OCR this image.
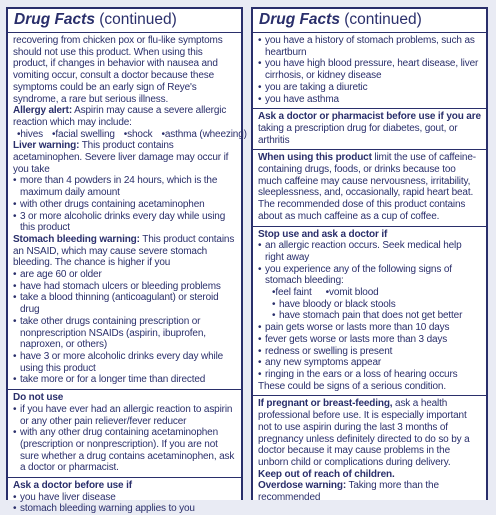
Drug Facts (continued)

recovering from chicken pox or flu-like symptoms should not use this product. When using this product, if changes in behavior with nausea and vomiting occur, consult a doctor because these symptoms could be an early sign of Reye's syndrome, a rare but serious illness.

Allergy alert: Aspirin may cause a severe allergic reaction which may include:

• hives • facial swelling • shock • asthma (wheezing)

Liver warning: This product contains acetaminophen. Severe liver damage may occur if you take

• more than 4 powders in 24 hours, which is the maximum daily amount

• with other drugs containing acetaminophen

• 3 or more alcoholic drinks every day while using this product

Stomach bleeding warning: This product contains an NSAID, which may cause severe stomach bleeding. The chance is higher if you

• are age 60 or older

• have had stomach ulcers or bleeding problems

• take a blood thinning (anticoagulant) or steroid drug

• take other drugs containing prescription or nonprescription NSAIDs (aspirin, ibuprofen, naproxen, or others)

• have 3 or more alcoholic drinks every day while using this product

• take more or for a longer time than directed

Do not use

• if you have ever had an allergic reaction to aspirin or any other pain reliever/fever reducer

• with any other drug containing acetaminophen (prescription or nonprescription). If you are not sure whether a drug contains acetaminophen, ask a doctor or pharmacist.

Ask a doctor before use if

• you have liver disease

• stomach bleeding warning applies to you

Drug Facts (continued)

• you have a history of stomach problems, such as heartburn

• you have high blood pressure, heart disease, liver cirrhosis, or kidney disease

• you are taking a diuretic

• you have asthma

Ask a doctor or pharmacist before use if you are taking a prescription drug for diabetes, gout, or arthritis

When using this product limit the use of caffeine-containing drugs, foods, or drinks because too much caffeine may cause nervousness, irritability, sleeplessness, and, occasionally, rapid heart beat. The recommended dose of this product contains about as much caffeine as a cup of coffee.

Stop use and ask a doctor if

• an allergic reaction occurs. Seek medical help right away

• you experience any of the following signs of stomach bleeding:

• feel faint • vomit blood

• have bloody or black stools

• have stomach pain that does not get better

• pain gets worse or lasts more than 10 days

• fever gets worse or lasts more than 3 days

• redness or swelling is present

• any new symptoms appear

• ringing in the ears or a loss of hearing occurs

These could be signs of a serious condition.

If pregnant or breast-feeding, ask a health professional before use. It is especially important not to use aspirin during the last 3 months of pregnancy unless definitely directed to do so by a doctor because it may cause problems in the unborn child or complications during delivery.

Keep out of reach of children.

Overdose warning: Taking more than the recommended
